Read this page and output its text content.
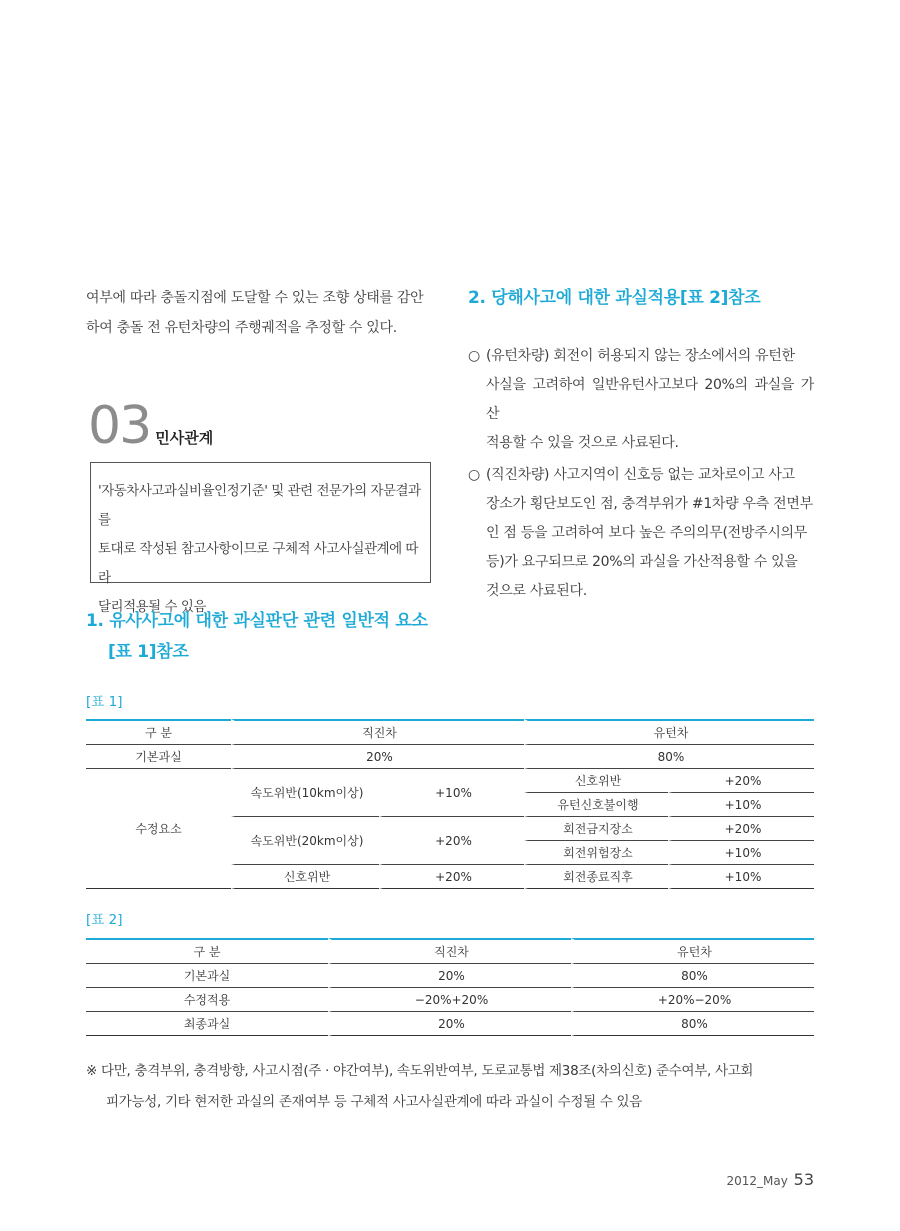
여부에 따라 충돌지점에 도달할 수 있는 조향 상태를 감안

하여 충돌 전 유턴차량의 주행궤적을 추정할 수 있다.

03 민사관계

'자동차사고과실비율인정기준' 및 관련 전문가의 자문결과를

토대로 작성된 참고사항이므로 구체적 사고사실관계에 따라

달리적용될 수 있음

1. 유사사고에 대한 과실판단 관련 일반적 요소
[표 1]참조
2. 당해사고에 대한 과실적용[표 2]참조
○ (유턴차량) 회전이 허용되지 않는 장소에서의 유턴한
사실을 고려하여 일반유턴사고보다 20%의 과실을 가산
적용할 수 있을 것으로 사료된다.
○ (직진차량) 사고지역이 신호등 없는 교차로이고 사고
장소가 횡단보도인 점, 충격부위가 #1차량 우측 전면부
인 점 등을 고려하여 보다 높은 주의의무(전방주시의무
등)가 요구되므로 20%의 과실을 가산적용할 수 있을
것으로 사료된다.
[표 1]
구 분	직진차		유턴차	
기본과실	20%		80%	
수정요소	속도위반(10km이상)	+10%	신호위반	+20%
			유턴신호불이행	+10%
	속도위반(20km이상)	+20%	회전금지장소	+20%
			회전위험장소	+10%
	신호위반	+20%	회전종료직후	+10%
[표 2]
구 분	직진차	유턴차
기본과실	20%	80%
수정적용	−20%+20%	+20%−20%
최종과실	20%	80%
※ 다만, 충격부위, 충격방향, 사고시점(주 · 야간여부), 속도위반여부, 도로교통법 제38조(차의신호) 준수여부, 사고회
피가능성, 기타 현저한 과실의 존재여부 등 구체적 사고사실관계에 따라 과실이 수정될 수 있음
2012_May 53
